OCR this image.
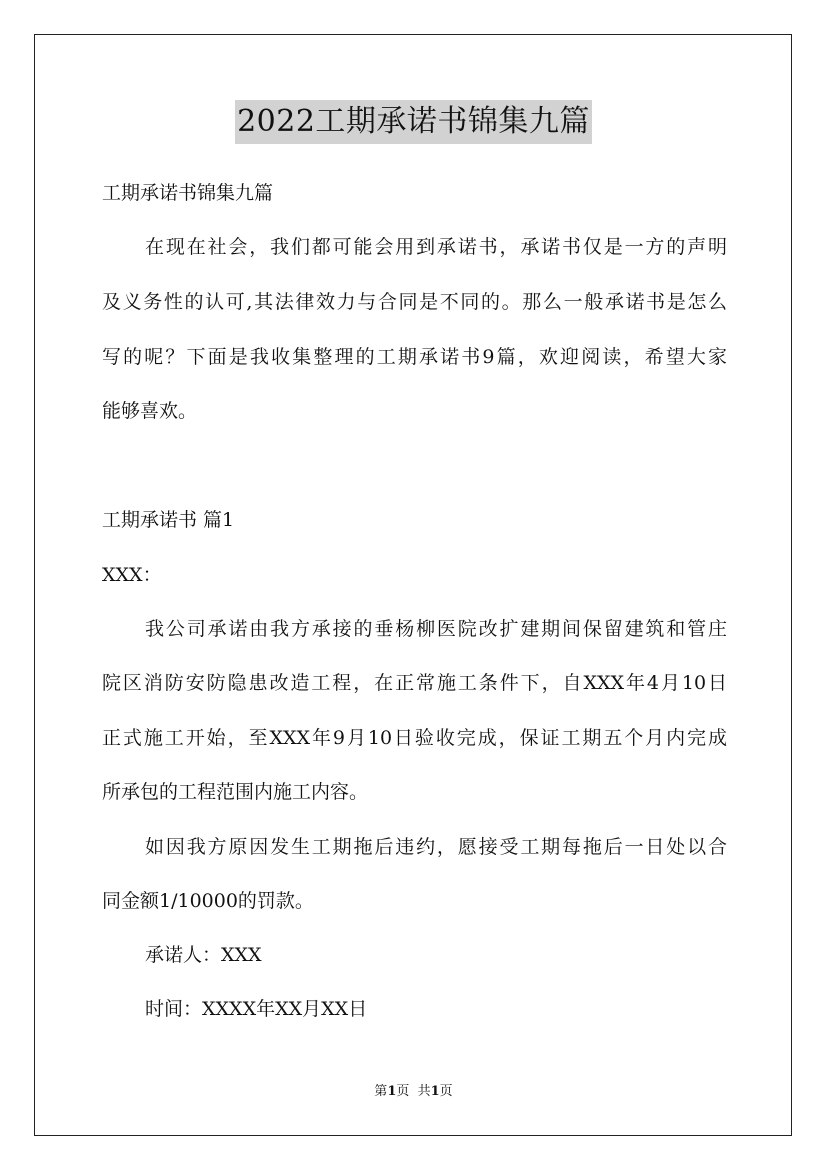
2022工期承诺书锦集九篇
工期承诺书锦集九篇
在现在社会，我们都可能会用到承诺书，承诺书仅是一方的声明
及义务性的认可,其法律效力与合同是不同的。那么一般承诺书是怎么
写的呢？下面是我收集整理的工期承诺书9篇，欢迎阅读，希望大家
能够喜欢。
工期承诺书 篇1
XXX：
我公司承诺由我方承接的垂杨柳医院改扩建期间保留建筑和管庄
院区消防安防隐患改造工程，在正常施工条件下，自XXX年4月10日
正式施工开始，至XXX年9月10日验收完成，保证工期五个月内完成
所承包的工程范围内施工内容。
如因我方原因发生工期拖后违约，愿接受工期每拖后一日处以合
同金额1/10000的罚款。
承诺人：XXX
时间：XXXX年XX月XX日
第1页  共1页
